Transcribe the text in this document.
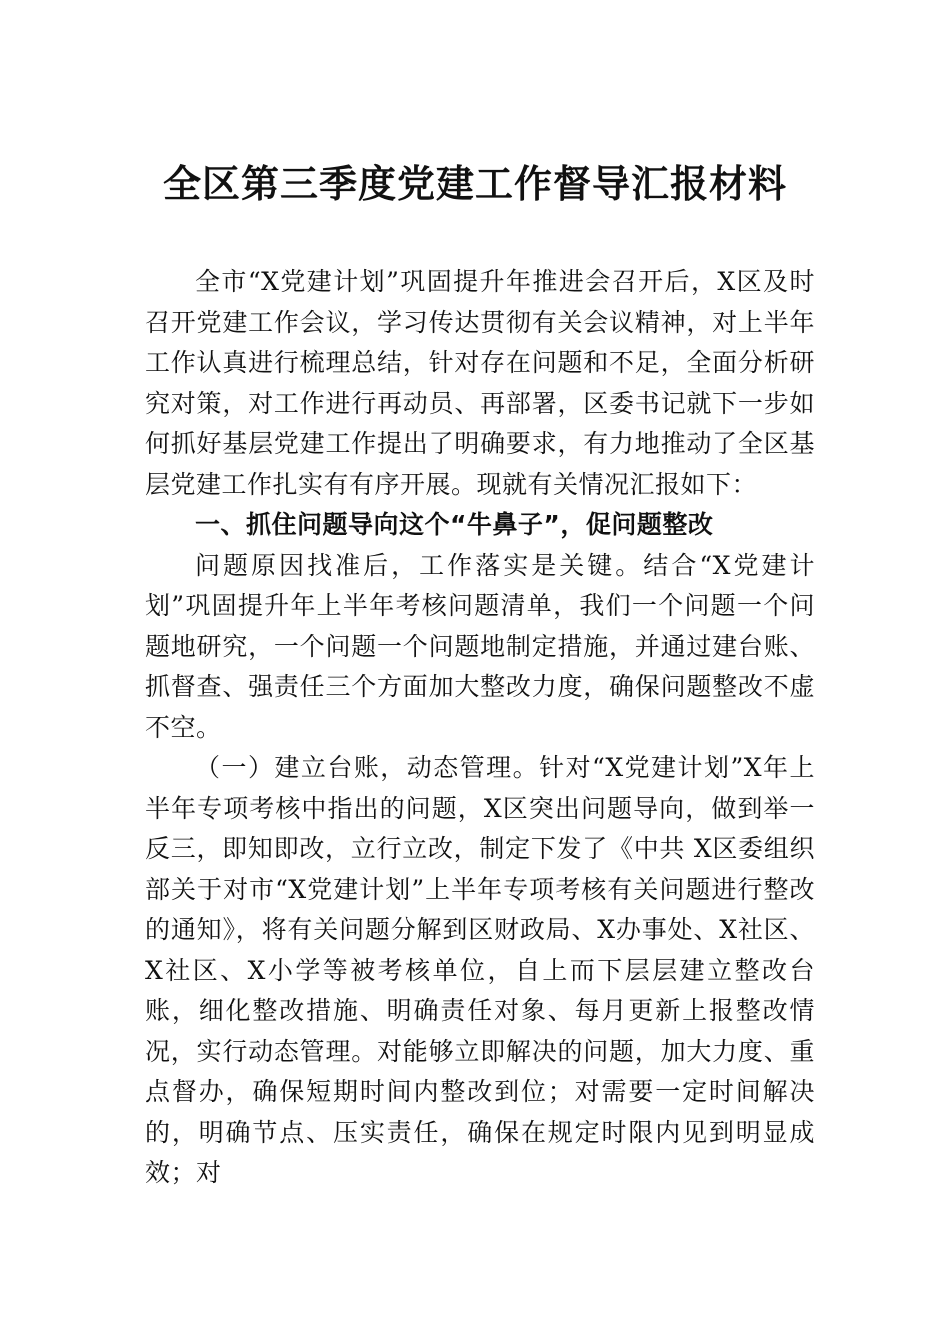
全区第三季度党建工作督导汇报材料

全市“X党建计划”巩固提升年推进会召开后，X区及时召开党建工作会议，学习传达贯彻有关会议精神，对上半年工作认真进行梳理总结，针对存在问题和不足，全面分析研究对策，对工作进行再动员、再部署，区委书记就下一步如何抓好基层党建工作提出了明确要求，有力地推动了全区基层党建工作扎实有有序开展。现就有关情况汇报如下：

一、抓住问题导向这个“牛鼻子”，促问题整改

问题原因找准后，工作落实是关键。结合“X党建计划”巩固提升年上半年考核问题清单，我们一个问题一个问题地研究，一个问题一个问题地制定措施，并通过建台账、抓督查、强责任三个方面加大整改力度，确保问题整改不虚不空。

（一）建立台账，动态管理。针对“X党建计划”X年上半年专项考核中指出的问题，X区突出问题导向，做到举一反三，即知即改，立行立改，制定下发了《中共 X区委组织部关于对市“X党建计划”上半年专项考核有关问题进行整改的通知》，将有关问题分解到区财政局、X办事处、X社区、X社区、X小学等被考核单位，自上而下层层建立整改台账，细化整改措施、明确责任对象、每月更新上报整改情况，实行动态管理。对能够立即解决的问题，加大力度、重点督办，确保短期时间内整改到位；对需要一定时间解决的，明确节点、压实责任，确保在规定时限内见到明显成效；对
